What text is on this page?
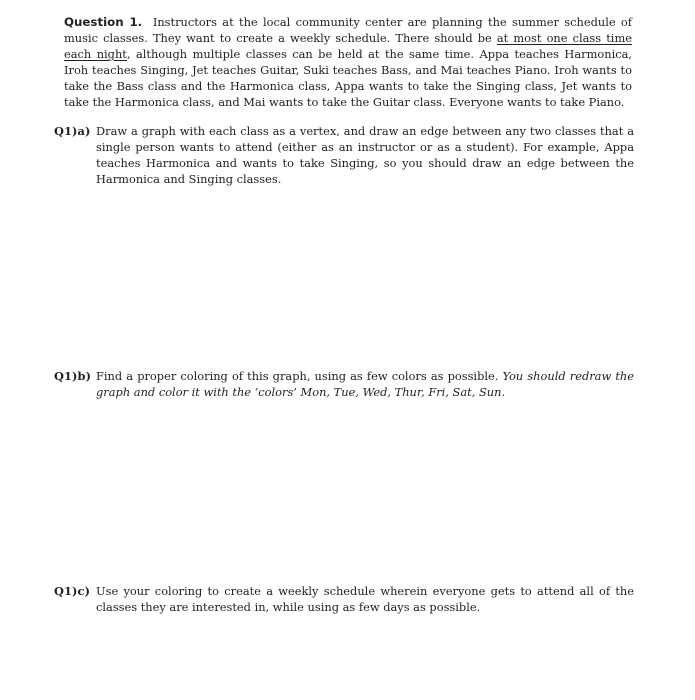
Question 1. Instructors at the local community center are planning the summer schedule of music classes. They want to create a weekly schedule. There should be at most one class time each night, although multiple classes can be held at the same time. Appa teaches Harmonica, Iroh teaches Singing, Jet teaches Guitar, Suki teaches Bass, and Mai teaches Piano. Iroh wants to take the Bass class and the Harmonica class, Appa wants to take the Singing class, Jet wants to take the Harmonica class, and Mai wants to take the Guitar class. Everyone wants to take Piano.

Q1)a) Draw a graph with each class as a vertex, and draw an edge between any two classes that a single person wants to attend (either as an instructor or as a student). For example, Appa teaches Harmonica and wants to take Singing, so you should draw an edge between the Harmonica and Singing classes.
Q1)b) Find a proper coloring of this graph, using as few colors as possible. You should redraw the graph and color it with the ‘colors’ Mon, Tue, Wed, Thur, Fri, Sat, Sun.
Q1)c) Use your coloring to create a weekly schedule wherein everyone gets to attend all of the classes they are interested in, while using as few days as possible.
